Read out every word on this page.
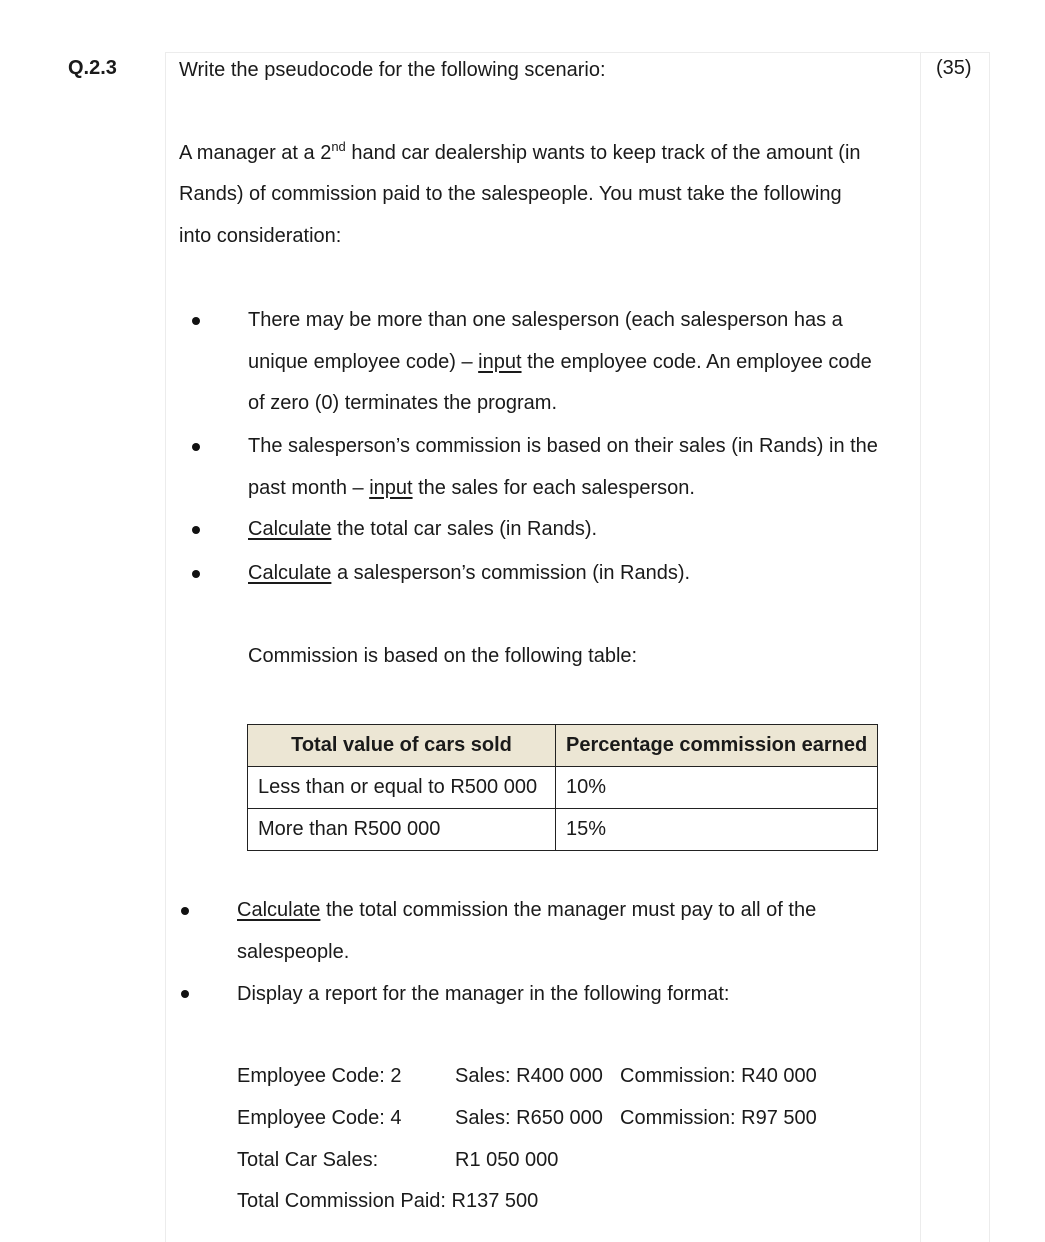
Q.2.3	(35)
Write the pseudocode for the following scenario:
A manager at a 2nd hand car dealership wants to keep track of the amount (in
Rands) of commission paid to the salespeople. You must take the following
into consideration:
There may be more than one salesperson (each salesperson has a
unique employee code) – input the employee code. An employee code
of zero (0) terminates the program.
The salesperson’s commission is based on their sales (in Rands) in the
past month – input the sales for each salesperson.
Calculate the total car sales (in Rands).
Calculate a salesperson’s commission (in Rands).
Commission is based on the following table:
Total value of cars sold	Percentage commission earned
Less than or equal to R500 000	10%
More than R500 000	15%
Calculate the total commission the manager must pay to all of the
salespeople.
Display a report for the manager in the following format:
Employee Code: 2	Sales: R400 000 Commission: R40 000
Employee Code: 4	Sales: R650 000 Commission: R97 500
Total Car Sales:	R1 050 000
Total Commission Paid: R137 500
